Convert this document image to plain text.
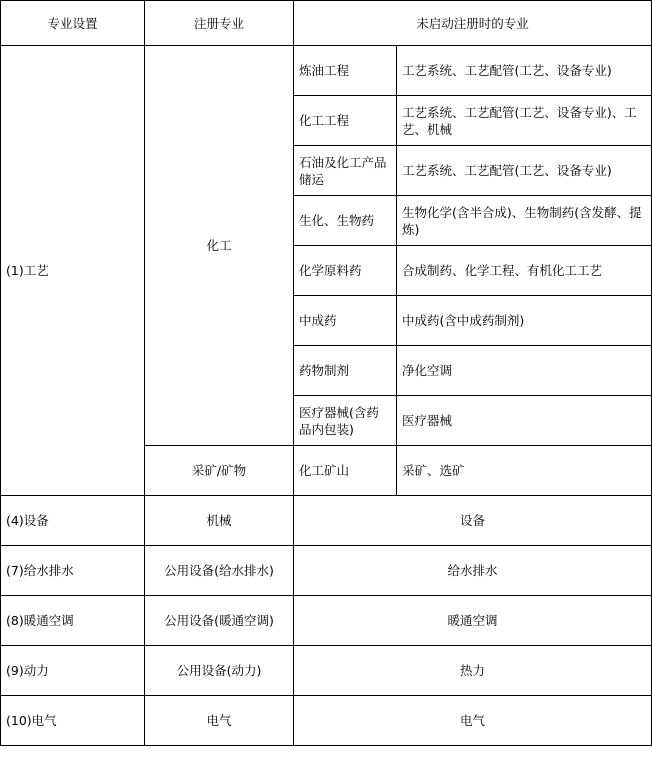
专业设置	注册专业	未启动注册时的专业	
(1)工艺	化工	炼油工程	工艺系统、工艺配管(工艺、设备专业)
		化工工程	工艺系统、工艺配管(工艺、设备专业)、工艺、机械
		石油及化工产品储运	工艺系统、工艺配管(工艺、设备专业)
		生化、生物药	生物化学(含半合成)、生物制药(含发酵、提炼)
		化学原料药	合成制药、化学工程、有机化工工艺
		中成药	中成药(含中成药制剂)
		药物制剂	净化空调
		医疗器械(含药品内包装)	医疗器械
	采矿/矿物	化工矿山	采矿、选矿
(4)设备	机械	设备	
(7)给水排水	公用设备(给水排水)	给水排水	
(8)暖通空调	公用设备(暖通空调)	暖通空调	
(9)动力	公用设备(动力)	热力	
(10)电气	电气	电气	
